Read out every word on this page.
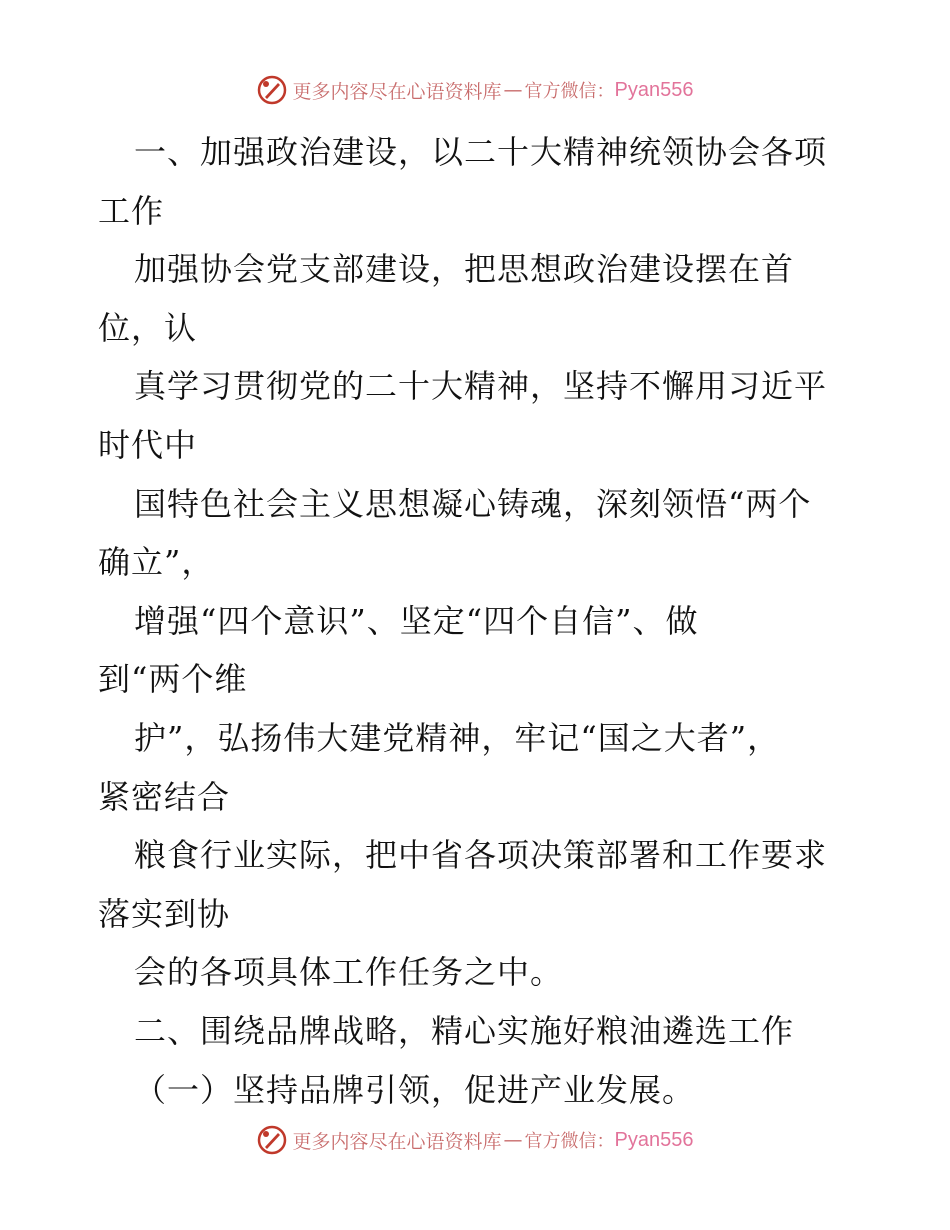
更多内容尽在心语资料库 — 官方微信： Pyan556
一、加强政治建设，以二十大精神统领协会各项
工作
加强协会党支部建设，把思想政治建设摆在首
位，认
真学习贯彻党的二十大精神，坚持不懈用习近平
时代中
国特色社会主义思想凝心铸魂，深刻领悟“两个
确立”，
增强“四个意识”、坚定“四个自信”、做
到“两个维
护”，弘扬伟大建党精神，牢记“国之大者”，
紧密结合
粮食行业实际，把中省各项决策部署和工作要求
落实到协
会的各项具体工作任务之中。
二、围绕品牌战略，精心实施好粮油遴选工作
（一）坚持品牌引领，促进产业发展。
更多内容尽在心语资料库 — 官方微信： Pyan556
